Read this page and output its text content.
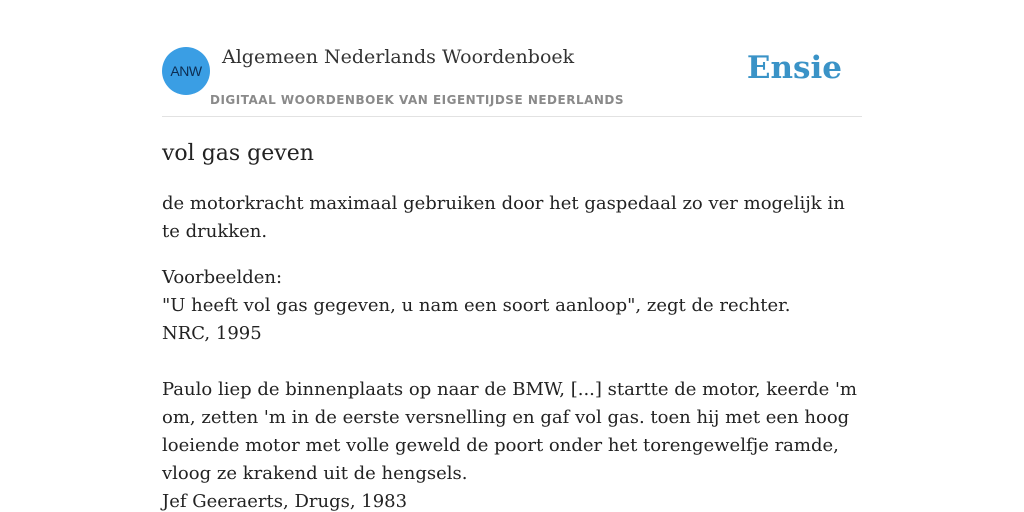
ANW
Algemeen Nederlands Woordenboek
DIGITAAL WOORDENBOEK VAN EIGENTIJDSE NEDERLANDS
Ensie
vol gas geven

de motorkracht maximaal gebruiken door het gaspedaal zo ver mogelijk in te drukken.

Voorbeelden:
"U heeft vol gas gegeven, u nam een soort aanloop", zegt de rechter.
NRC, 1995
Paulo liep de binnenplaats op naar de BMW, [...] startte de motor, keerde 'm om, zetten 'm in de eerste versnelling en gaf vol gas. toen hij met een hoog loeiende motor met volle geweld de poort onder het torengewelfje ramde, vloog ze krakend uit de hengsels.
Jef Geeraerts, Drugs, 1983
